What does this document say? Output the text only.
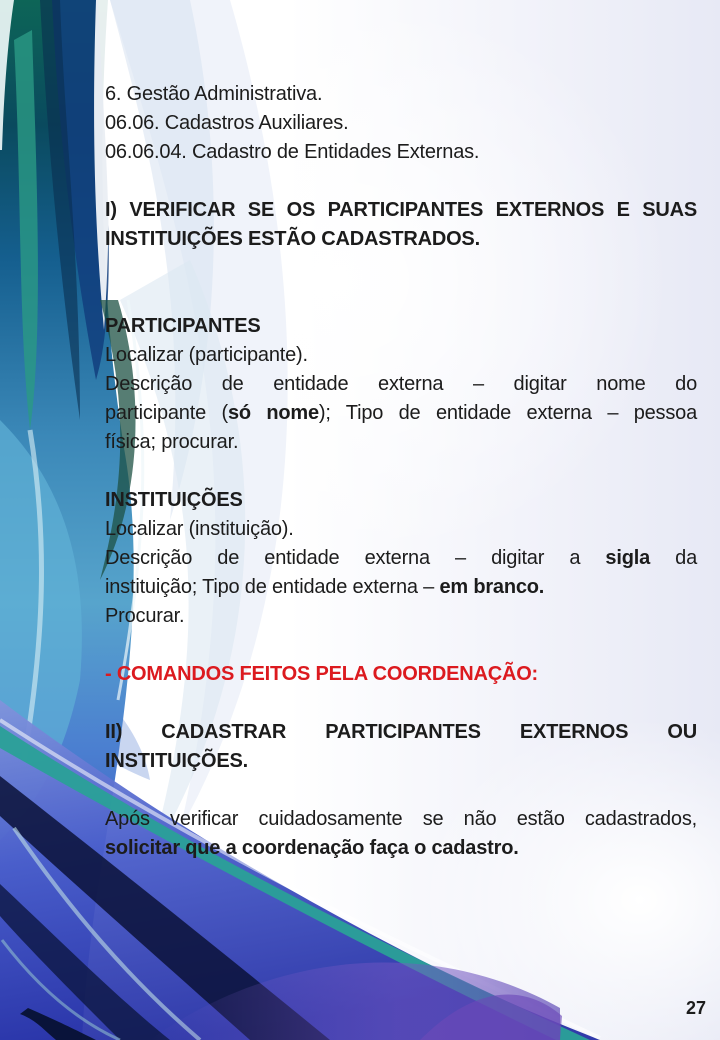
6. Gestão Administrativa.
06.06. Cadastros Auxiliares.
06.06.04. Cadastro de Entidades Externas.

I) VERIFICAR SE OS PARTICIPANTES EXTERNOS E SUAS
INSTITUIÇÕES ESTÃO CADASTRADOS.

PARTICIPANTES
Localizar (participante).
Descrição de entidade externa – digitar nome do
participante (só nome); Tipo de entidade externa – pessoa
física; procurar.

INSTITUIÇÕES
Localizar (instituição).
Descrição de entidade externa – digitar a sigla da
instituição; Tipo de entidade externa – em branco.
Procurar.

- COMANDOS FEITOS PELA COORDENAÇÃO:

II) CADASTRAR PARTICIPANTES EXTERNOS OU
INSTITUIÇÕES.

Após verificar cuidadosamente se não estão cadastrados,
solicitar que a coordenação faça o cadastro.
27
